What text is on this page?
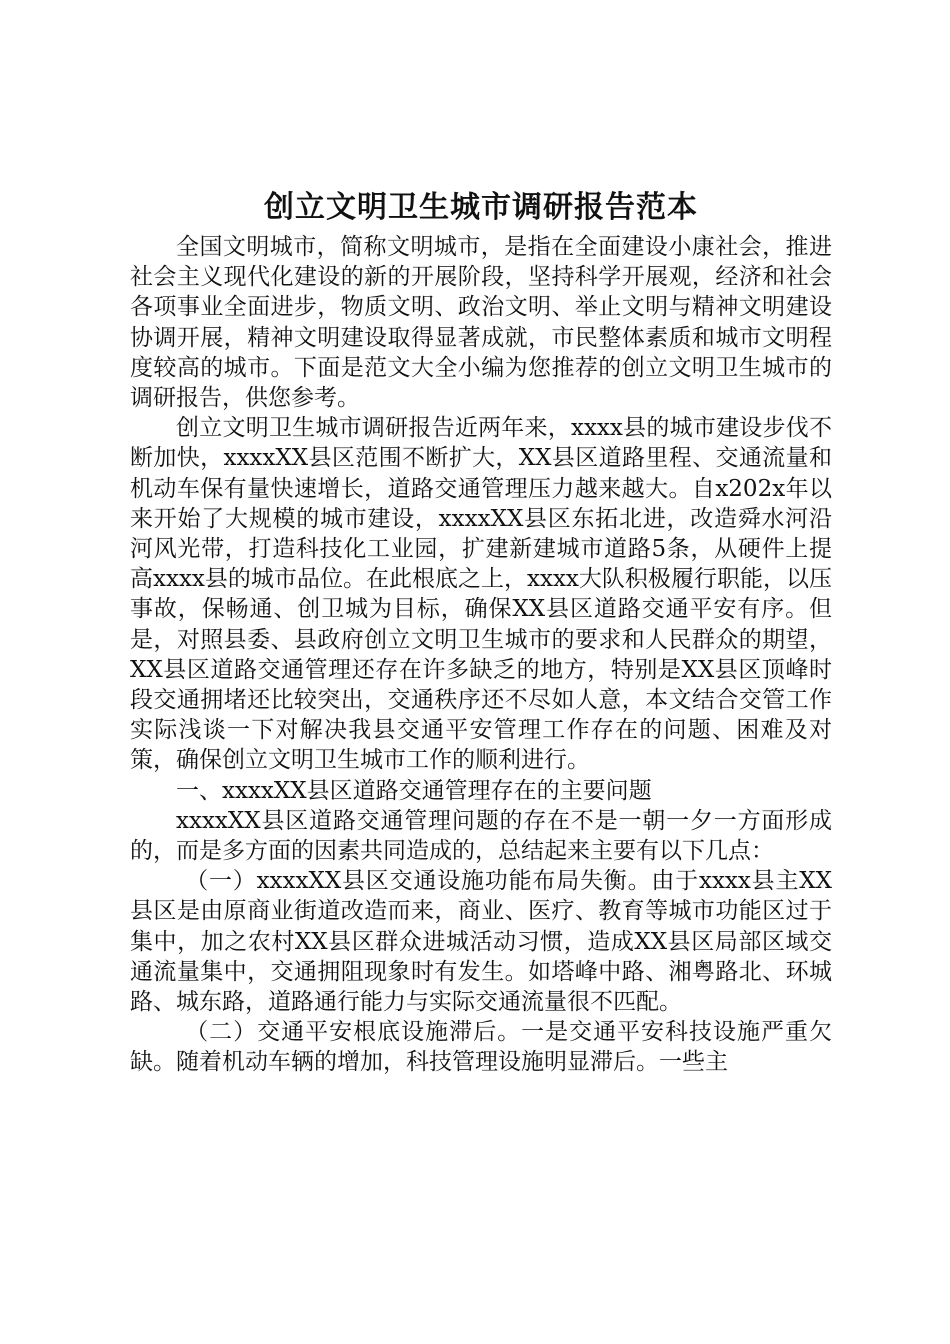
创立文明卫生城市调研报告范本

全国文明城市，简称文明城市，是指在全面建设小康社会，推进社会主义现代化建设的新的开展阶段，坚持科学开展观，经济和社会各项事业全面进步，物质文明、政治文明、举止文明与精神文明建设协调开展，精神文明建设取得显著成就，市民整体素质和城市文明程度较高的城市。下面是范文大全小编为您推荐的创立文明卫生城市的调研报告，供您参考。

创立文明卫生城市调研报告近两年来，xxxx县的城市建设步伐不断加快，xxxxXX县区范围不断扩大，XX县区道路里程、交通流量和机动车保有量快速增长，道路交通管理压力越来越大。自x202x年以来开始了大规模的城市建设，xxxxXX县区东拓北进，改造舜水河沿河风光带，打造科技化工业园，扩建新建城市道路5条，从硬件上提高xxxx县的城市品位。在此根底之上，xxxx大队积极履行职能，以压事故，保畅通、创卫城为目标，确保XX县区道路交通平安有序。但是，对照县委、县政府创立文明卫生城市的要求和人民群众的期望，XX县区道路交通管理还存在许多缺乏的地方，特别是XX县区顶峰时段交通拥堵还比较突出，交通秩序还不尽如人意，本文结合交管工作实际浅谈一下对解决我县交通平安管理工作存在的问题、困难及对策，确保创立文明卫生城市工作的顺利进行。

一、xxxxXX县区道路交通管理存在的主要问题

xxxxXX县区道路交通管理问题的存在不是一朝一夕一方面形成的，而是多方面的因素共同造成的，总结起来主要有以下几点：

（一）xxxxXX县区交通设施功能布局失衡。由于xxxx县主XX县区是由原商业街道改造而来，商业、医疗、教育等城市功能区过于集中，加之农村XX县区群众进城活动习惯，造成XX县区局部区域交通流量集中，交通拥阻现象时有发生。如塔峰中路、湘粤路北、环城路、城东路，道路通行能力与实际交通流量很不匹配。

（二）交通平安根底设施滞后。一是交通平安科技设施严重欠缺。随着机动车辆的增加，科技管理设施明显滞后。一些主
